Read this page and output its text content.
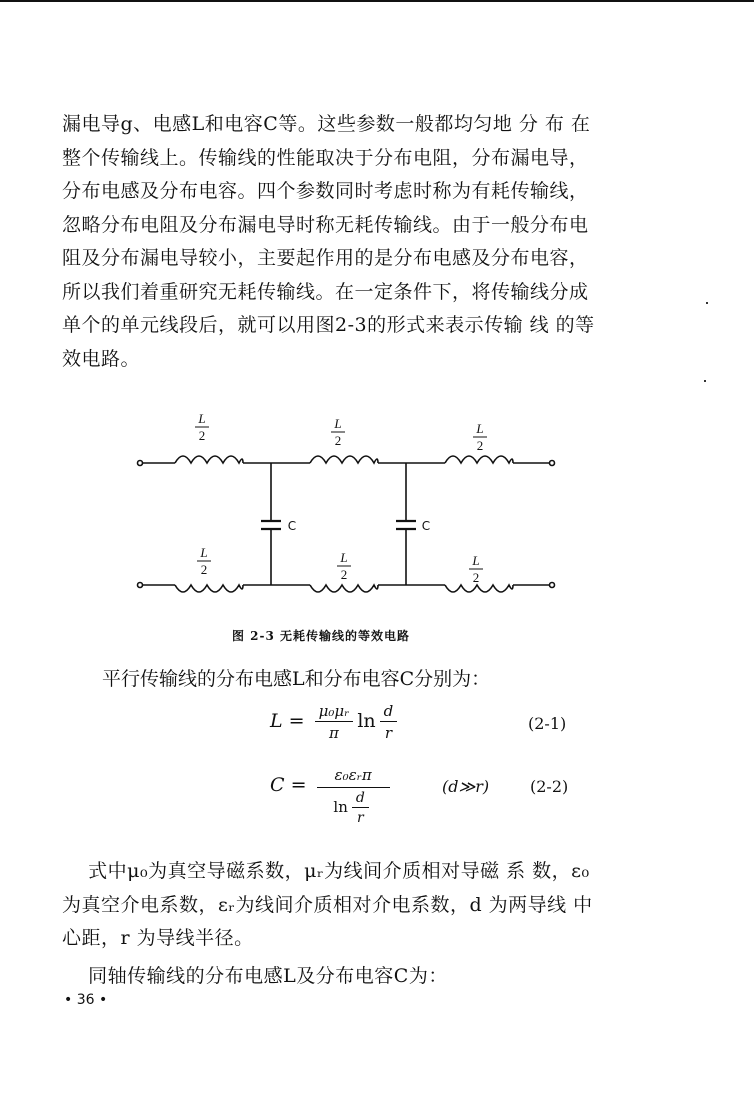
漏电导g、电感L和电容C等。这些参数一般都均匀地 分 布 在
整个传输线上。传输线的性能取决于分布电阻，分布漏电导，
分布电感及分布电容。四个参数同时考虑时称为有耗传输线，
忽略分布电阻及分布漏电导时称无耗传输线。由于一般分布电
阻及分布漏电导较小，主要起作用的是分布电感及分布电容，
所以我们着重研究无耗传输线。在一定条件下，将传输线分成
单个的单元线段后，就可以用图2-3的形式来表示传输 线 的等
效电路。
L
2
L
2
L
2
L
2
L
2
L
2
C	C
图 2-3 无耗传输线的等效电路
平行传输线的分布电感L和分布电容C分别为：
$L = \frac{\text{μ₀μᵣ}}{\pi}$ $\ln \frac{d}{r}$	(2-1)
$C = \frac{\text{ε₀εᵣπ}}{\ln \frac{d}{r}}$	(d≫r)	(2-2)
式中μ₀为真空导磁系数，μᵣ为线间介质相对导磁 系 数，ε₀
为真空介电系数，εᵣ为线间介质相对介电系数，d 为两导线 中
心距，r 为导线半径。
同轴传输线的分布电感L及分布电容C为：
• 36 •
